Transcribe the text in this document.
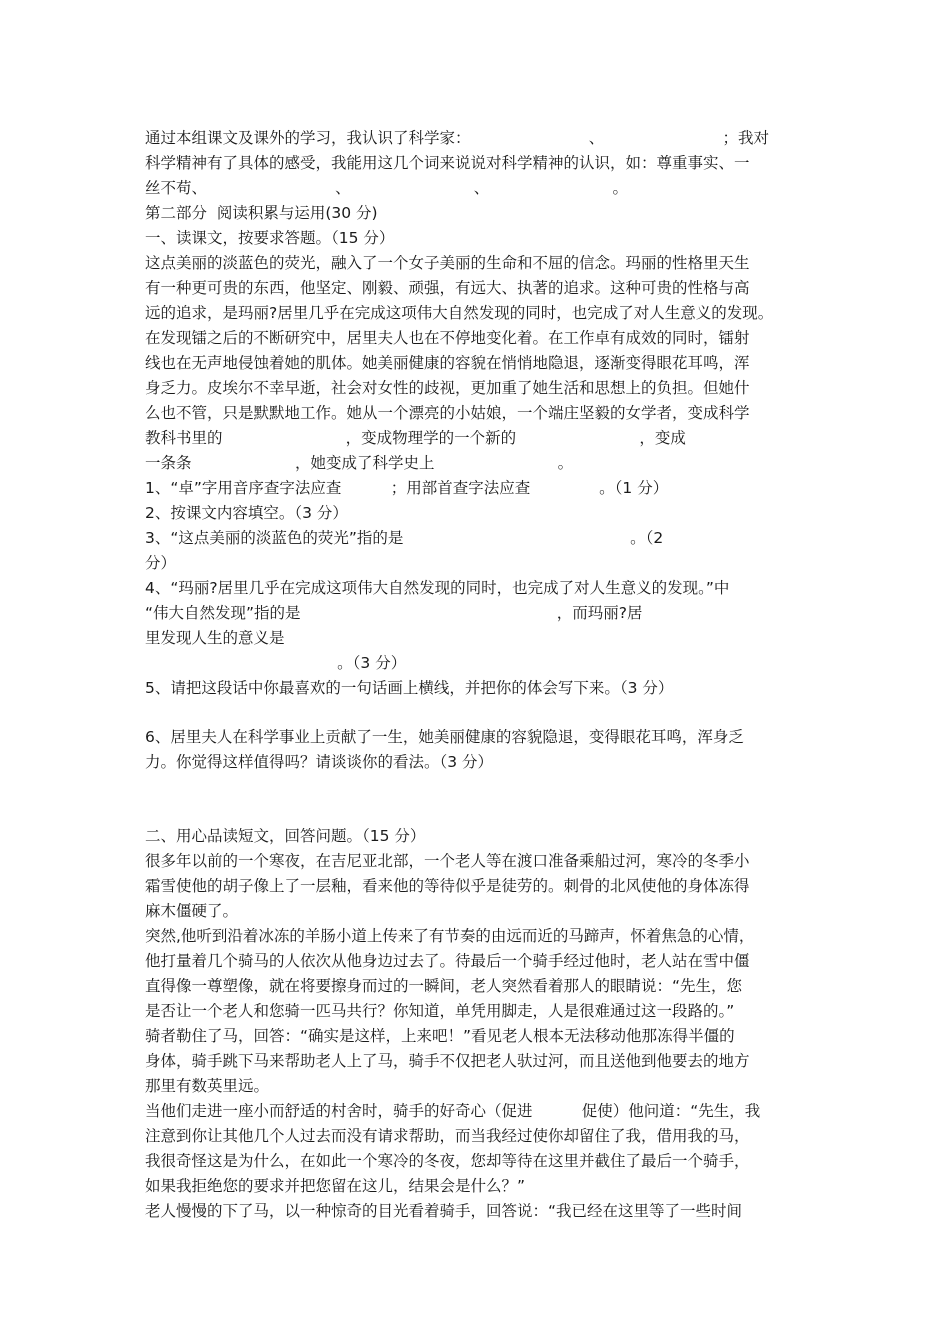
通过本组课文及课外的学习，我认识了科学家：                        、                        ；我对
科学精神有了具体的感受，我能用这几个词来说说对科学精神的认识，如：尊重事实、一
丝不苟、                          、                         、                         。
第二部分  阅读积累与运用(30 分)
一、读课文，按要求答题。（15 分）
这点美丽的淡蓝色的荧光，融入了一个女子美丽的生命和不屈的信念。玛丽的性格里天生
有一种更可贵的东西，他坚定、刚毅、顽强，有远大、执著的追求。这种可贵的性格与高
远的追求，是玛丽?居里几乎在完成这项伟大自然发现的同时，也完成了对人生意义的发现。
在发现镭之后的不断研究中，居里夫人也在不停地变化着。在工作卓有成效的同时，镭射
线也在无声地侵蚀着她的肌体。她美丽健康的容貌在悄悄地隐退，逐渐变得眼花耳鸣，浑
身乏力。皮埃尔不幸早逝，社会对女性的歧视，更加重了她生活和思想上的负担。但她什
么也不管，只是默默地工作。她从一个漂亮的小姑娘，一个端庄坚毅的女学者，变成科学
教科书里的                         ，变成物理学的一个新的                         ，变成
一条条                     ，她变成了科学史上                         。
1、“卓”字用音序查字法应查          ；用部首查字法应查              。（1 分）
2、按课文内容填空。（3 分）
3、“这点美丽的淡蓝色的荧光”指的是                                              。（2
分）
4、“玛丽?居里几乎在完成这项伟大自然发现的同时，也完成了对人生意义的发现。”中
“伟大自然发现”指的是                                                    ，而玛丽?居
里发现人生的意义是
。（3 分）
5、请把这段话中你最喜欢的一句话画上横线，并把你的体会写下来。（3 分）
6、居里夫人在科学事业上贡献了一生，她美丽健康的容貌隐退，变得眼花耳鸣，浑身乏
力。你觉得这样值得吗？请谈谈你的看法。（3 分）
二、用心品读短文，回答问题。（15 分）
很多年以前的一个寒夜，在吉尼亚北部，一个老人等在渡口准备乘船过河，寒冷的冬季小
霜雪使他的胡子像上了一层釉，看来他的等待似乎是徒劳的。刺骨的北风使他的身体冻得
麻木僵硬了。
突然,他听到沿着冰冻的羊肠小道上传来了有节奏的由远而近的马蹄声，怀着焦急的心情，
他打量着几个骑马的人依次从他身边过去了。待最后一个骑手经过他时，老人站在雪中僵
直得像一尊塑像，就在将要擦身而过的一瞬间，老人突然看着那人的眼睛说：“先生，您
是否让一个老人和您骑一匹马共行？你知道，单凭用脚走，人是很难通过这一段路的。”
骑者勒住了马，回答：“确实是这样，上来吧！”看见老人根本无法移动他那冻得半僵的
身体，骑手跳下马来帮助老人上了马，骑手不仅把老人驮过河，而且送他到他要去的地方
那里有数英里远。
当他们走进一座小而舒适的村舍时，骑手的好奇心（促进          促使）他问道：“先生，我
注意到你让其他几个人过去而没有请求帮助，而当我经过使你却留住了我，借用我的马，
我很奇怪这是为什么，在如此一个寒冷的冬夜，您却等待在这里并截住了最后一个骑手，
如果我拒绝您的要求并把您留在这儿，结果会是什么？”
老人慢慢的下了马，以一种惊奇的目光看着骑手，回答说：“我已经在这里等了一些时间
